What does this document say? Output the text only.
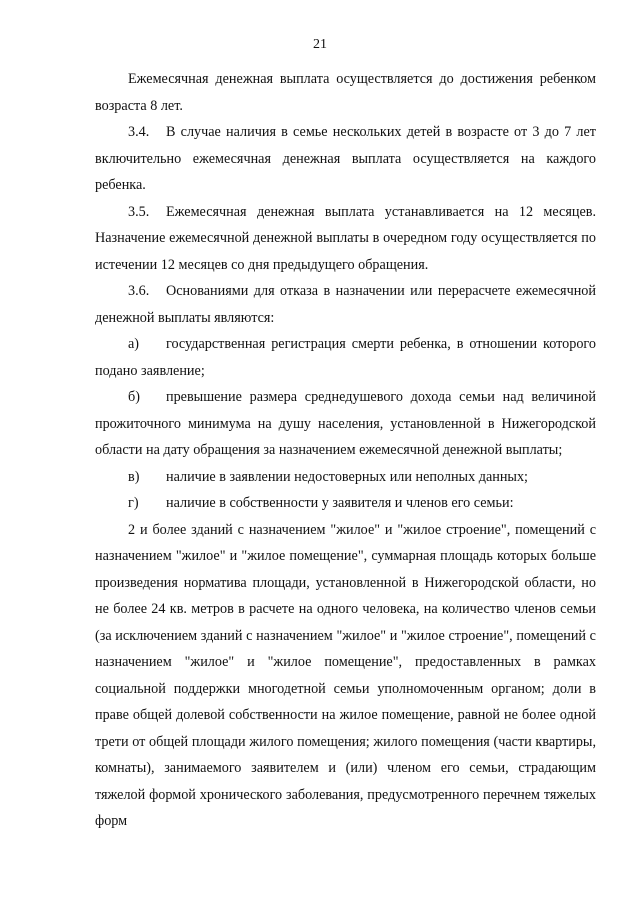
21

Ежемесячная денежная выплата осуществляется до достижения ребенком возраста 8 лет.

3.4. В случае наличия в семье нескольких детей в возрасте от 3 до 7 лет включительно ежемесячная денежная выплата осуществляется на каждого ребенка.

3.5. Ежемесячная денежная выплата устанавливается на 12 месяцев. Назначение ежемесячной денежной выплаты в очередном году осуществляется по истечении 12 месяцев со дня предыдущего обращения.

3.6. Основаниями для отказа в назначении или перерасчете ежемесячной денежной выплаты являются:

а) государственная регистрация смерти ребенка, в отношении которого подано заявление;

б) превышение размера среднедушевого дохода семьи над величиной прожиточного минимума на душу населения, установленной в Нижегородской области на дату обращения за назначением ежемесячной денежной выплаты;

в) наличие в заявлении недостоверных или неполных данных;

г) наличие в собственности у заявителя и членов его семьи:

2 и более зданий с назначением "жилое" и "жилое строение", помещений с назначением "жилое" и "жилое помещение", суммарная площадь которых больше произведения норматива площади, установленной в Нижегородской области, но не более 24 кв. метров в расчете на одного человека, на количество членов семьи (за исключением зданий с назначением "жилое" и "жилое строение", помещений с назначением "жилое" и "жилое помещение", предоставленных в рамках социальной поддержки многодетной семьи уполномоченным органом; доли в праве общей долевой собственности на жилое помещение, равной не более одной трети от общей площади жилого помещения; жилого помещения (части квартиры, комнаты), занимаемого заявителем и (или) членом его семьи, страдающим тяжелой формой хронического заболевания, предусмотренного перечнем тяжелых форм
